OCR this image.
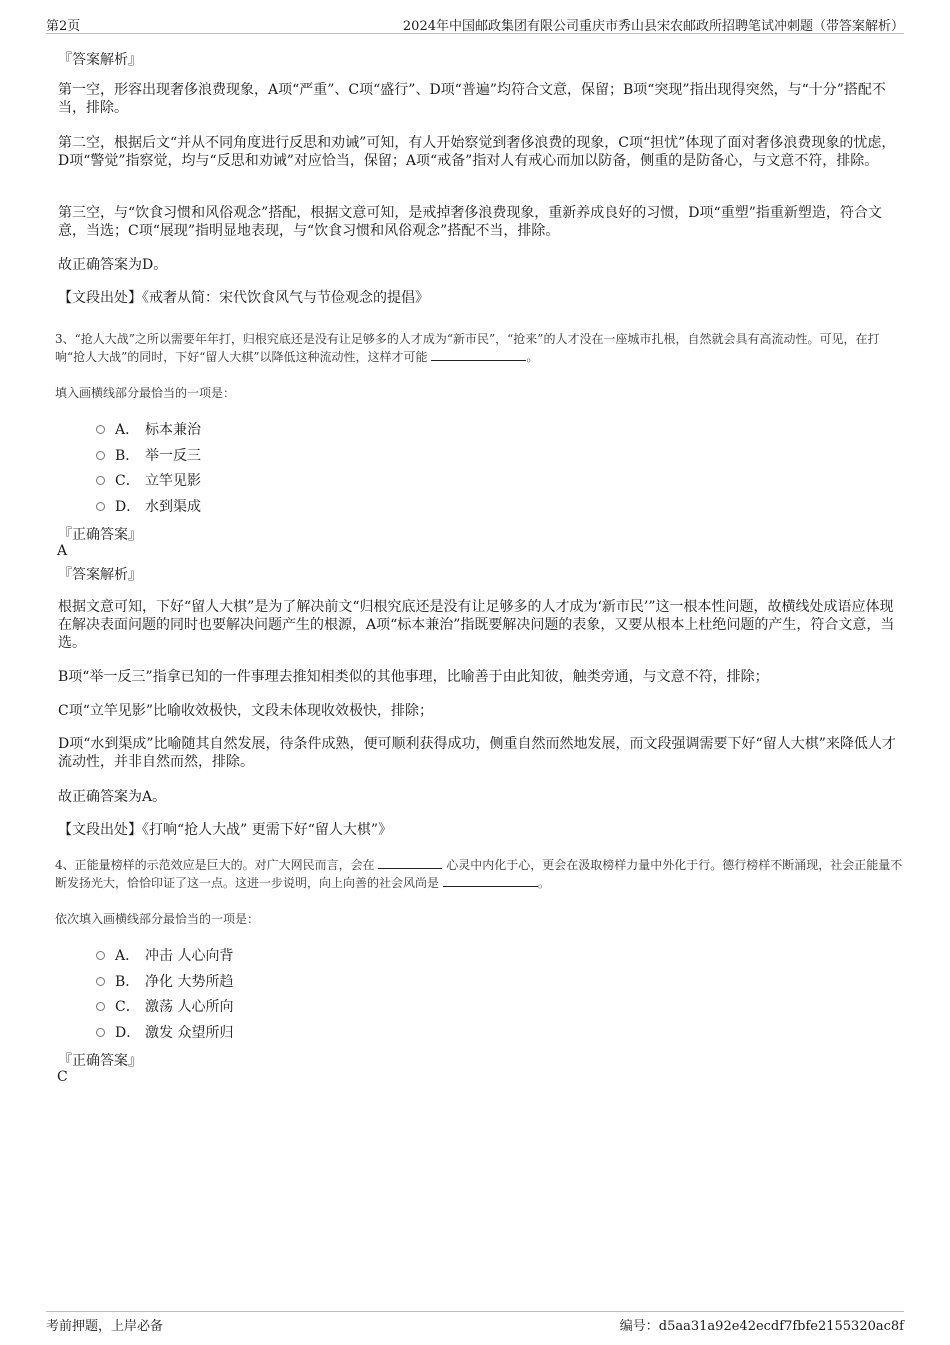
第2页	2024年中国邮政集团有限公司重庆市秀山县宋农邮政所招聘笔试冲刺题（带答案解析）
『答案解析』
第一空，形容出现奢侈浪费现象，A项“严重”、C项“盛行”、D项“普遍”均符合文意，保留；B项“突现”指出现得突然，与“十分”搭配不当，排除。
第二空，根据后文“并从不同角度进行反思和劝诫”可知，有人开始察觉到奢侈浪费的现象，C项“担忧”体现了面对奢侈浪费现象的忧虑，D项“警觉”指察觉，均与“反思和劝诫”对应恰当，保留；A项“戒备”指对人有戒心而加以防备，侧重的是防备心，与文意不符，排除。
第三空，与“饮食习惯和风俗观念”搭配，根据文意可知，是戒掉奢侈浪费现象，重新养成良好的习惯，D项“重塑”指重新塑造，符合文意，当选；C项“展现”指明显地表现，与“饮食习惯和风俗观念”搭配不当，排除。
故正确答案为D。
【文段出处】《戒奢从简：宋代饮食风气与节俭观念的提倡》
3、“抢人大战”之所以需要年年打，归根究底还是没有让足够多的人才成为“新市民”，“抢来”的人才没在一座城市扎根，自然就会具有高流动性。可见，在打响“抢人大战”的同时，下好“留人大棋”以降低这种流动性，这样才可能	。
填入画横线部分最恰当的一项是：
A． 标本兼治
B． 举一反三
C． 立竿见影
D． 水到渠成
『正确答案』
A
『答案解析』
根据文意可知，下好“留人大棋”是为了解决前文“归根究底还是没有让足够多的人才成为‘新市民’”这一根本性问题，故横线处成语应体现在解决表面问题的同时也要解决问题产生的根源，A项“标本兼治”指既要解决问题的表象，又要从根本上杜绝问题的产生，符合文意，当选。
B项“举一反三”指拿已知的一件事理去推知相类似的其他事理，比喻善于由此知彼，触类旁通，与文意不符，排除；
C项“立竿见影”比喻收效极快，文段未体现收效极快，排除；
D项“水到渠成”比喻随其自然发展，待条件成熟，便可顺利获得成功，侧重自然而然地发展，而文段强调需要下好“留人大棋”来降低人才流动性，并非自然而然，排除。
故正确答案为A。
【文段出处】《打响“抢人大战” 更需下好“留人大棋”》
4、正能量榜样的示范效应是巨大的。对广大网民而言，会在	心灵中内化于心，更会在汲取榜样力量中外化于行。德行榜样不断涌现，社会正能量不断发扬光大，恰恰印证了这一点。这进一步说明，向上向善的社会风尚是	。
依次填入画横线部分最恰当的一项是：
A． 冲击 人心向背
B． 净化 大势所趋
C． 激荡 人心所向
D． 激发 众望所归
『正确答案』
C
考前押题，上岸必备	编号：d5aa31a92e42ecdf7fbfe2155320ac8f
